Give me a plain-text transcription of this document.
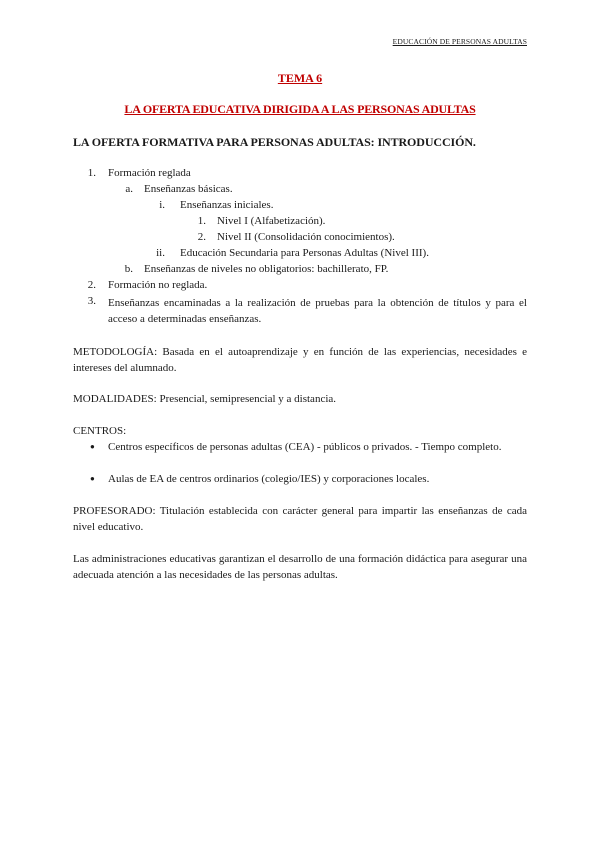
EDUCACIÓN DE PERSONAS ADULTAS
TEMA 6
LA OFERTA EDUCATIVA DIRIGIDA A LAS PERSONAS ADULTAS
LA OFERTA FORMATIVA PARA PERSONAS ADULTAS: INTRODUCCIÓN.
1. Formación reglada
a. Enseñanzas básicas.
i. Enseñanzas iniciales.
1. Nivel I (Alfabetización).
2. Nivel II (Consolidación conocimientos).
ii. Educación Secundaria para Personas Adultas (Nivel III).
b. Enseñanzas de niveles no obligatorios: bachillerato, FP.
2. Formación no reglada.
3. Enseñanzas encaminadas a la realización de pruebas para la obtención de títulos y para el acceso a determinadas enseñanzas.
METODOLOGÍA: Basada en el autoaprendizaje y en función de las experiencias, necesidades e intereses del alumnado.
MODALIDADES: Presencial, semipresencial y a distancia.
CENTROS:
● Centros específicos de personas adultas (CEA) - públicos o privados. - Tiempo completo.
● Aulas de EA de centros ordinarios (colegio/IES) y corporaciones locales.
PROFESORADO: Titulación establecida con carácter general para impartir las enseñanzas de cada nivel educativo.
Las administraciones educativas garantizan el desarrollo de una formación didáctica para asegurar una adecuada atención a las necesidades de las personas adultas.
